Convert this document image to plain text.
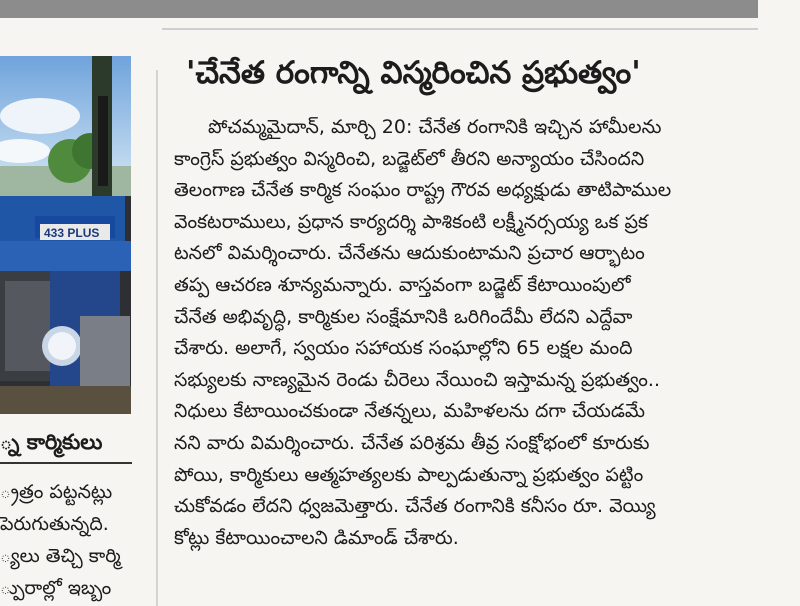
433 PLUS
్న కార్మికులు
్రత్రం పట్టనట్లు
పెరుగుతున్నది.
్యలు తెచ్చి కార్మి
్పురాల్లో ఇబ్బం
'చేనేత రంగాన్ని విస్మరించిన ప్రభుత్వం'
పోచమ్మమైదాన్, మార్చి 20: చేనేత రంగానికి ఇచ్చిన హామీలను
కాంగ్రెస్ ప్రభుత్వం విస్మరించి, బడ్జెట్‌లో తీరని అన్యాయం చేసిందని
తెలంగాణ చేనేత కార్మిక సంఘం రాష్ట్ర గౌరవ అధ్యక్షుడు తాటిపాముల
వెంకటరాములు, ప్రధాన కార్యదర్శి పాశికంటి లక్ష్మీనర్సయ్య ఒక ప్రక
టనలో విమర్శించారు. చేనేతను ఆదుకుంటామని ప్రచార ఆర్భాటం
తప్ప ఆచరణ శూన్యమన్నారు. వాస్తవంగా బడ్జెట్ కేటాయింపులో
చేనేత అభివృద్ధి, కార్మికుల సంక్షేమానికి ఒరిగిందేమీ లేదని ఎద్దేవా
చేశారు. అలాగే, స్వయం సహాయక సంఘాల్లోని 65 లక్షల మంది
సభ్యులకు నాణ్యమైన రెండు చీరెలు నేయించి ఇస్తామన్న ప్రభుత్వం..
నిధులు కేటాయించకుండా నేతన్నలు, మహిళలను దగా చేయడమే
నని వారు విమర్శించారు. చేనేత పరిశ్రమ తీవ్ర సంక్షోభంలో కూరుకు
పోయి, కార్మికులు ఆత్మహత్యలకు పాల్పడుతున్నా ప్రభుత్వం పట్టిం
చుకోవడం లేదని ధ్వజమెత్తారు. చేనేత రంగానికి కనీసం రూ. వెయ్యి
కోట్లు కేటాయించాలని డిమాండ్ చేశారు.
